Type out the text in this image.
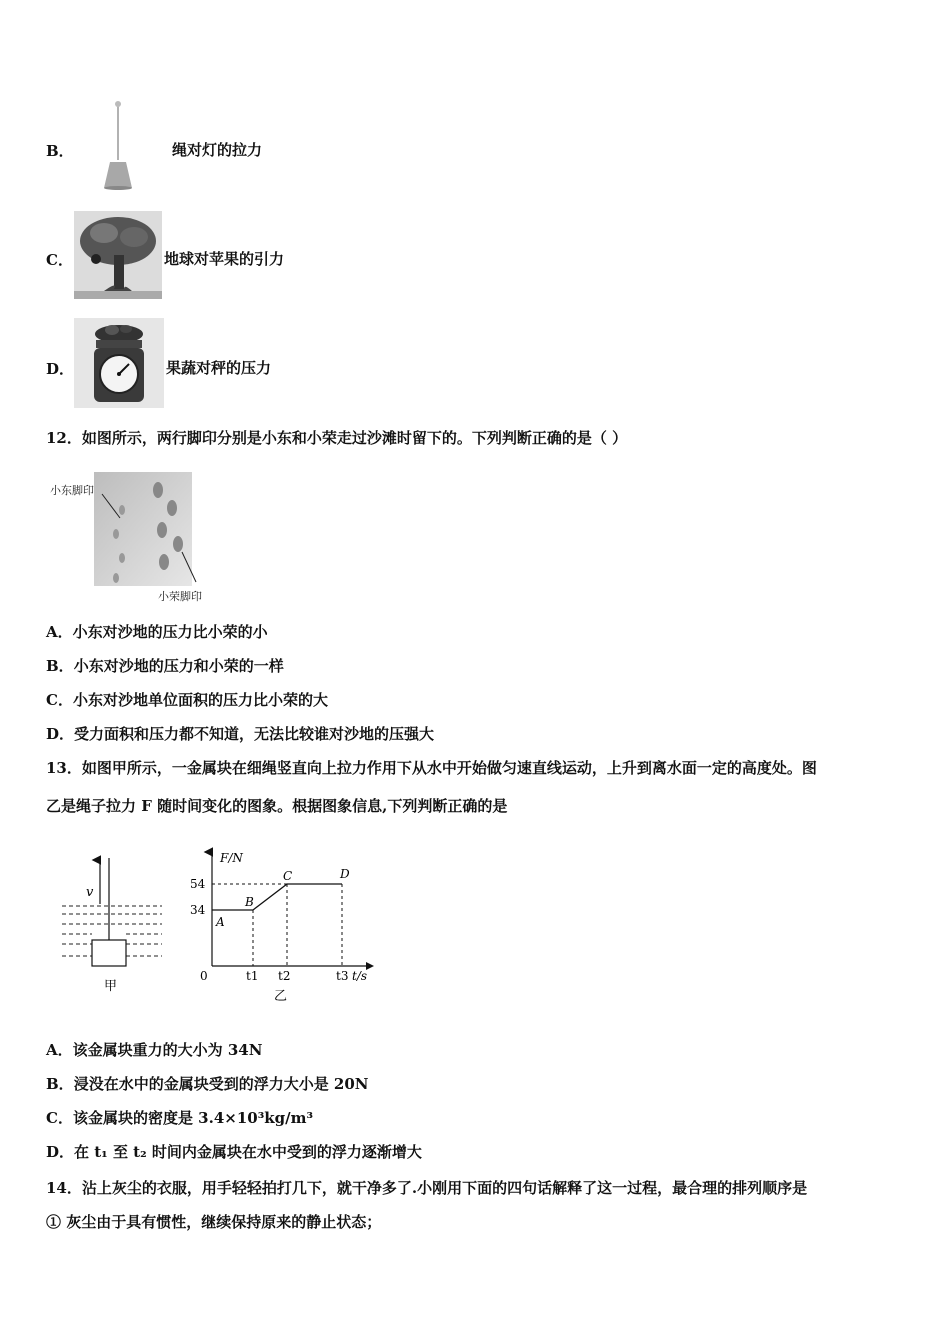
B．	绳对灯的拉力
C．	地球对苹果的引力
D．	果蔬对秤的压力
12．如图所示，两行脚印分别是小东和小荣走过沙滩时留下的。下列判断正确的是（ ）
小东脚印
小荣脚印
A．小东对沙地的压力比小荣的小
B．小东对沙地的压力和小荣的一样
C．小东对沙地单位面积的压力比小荣的大
D．受力面积和压力都不知道，无法比较谁对沙地的压强大
13．如图甲所示，一金属块在细绳竖直向上拉力作用下从水中开始做匀速直线运动，上升到离水面一定的高度处。图
乙是绳子拉力 F 随时间变化的图象。根据图象信息,下列判断正确的是
v
甲
F/N
t/s
0
54
34
t1 t2	t3
A
B
C	D
乙
A．该金属块重力的大小为 34N
B．浸没在水中的金属块受到的浮力大小是 20N
C．该金属块的密度是 3.4×10³kg/m³
D．在 t₁ 至 t₂ 时间内金属块在水中受到的浮力逐渐增大
14．沾上灰尘的衣服，用手轻轻拍打几下，就干净多了.小刚用下面的四句话解释了这一过程，最合理的排列顺序是
① 灰尘由于具有惯性，继续保持原来的静止状态；
